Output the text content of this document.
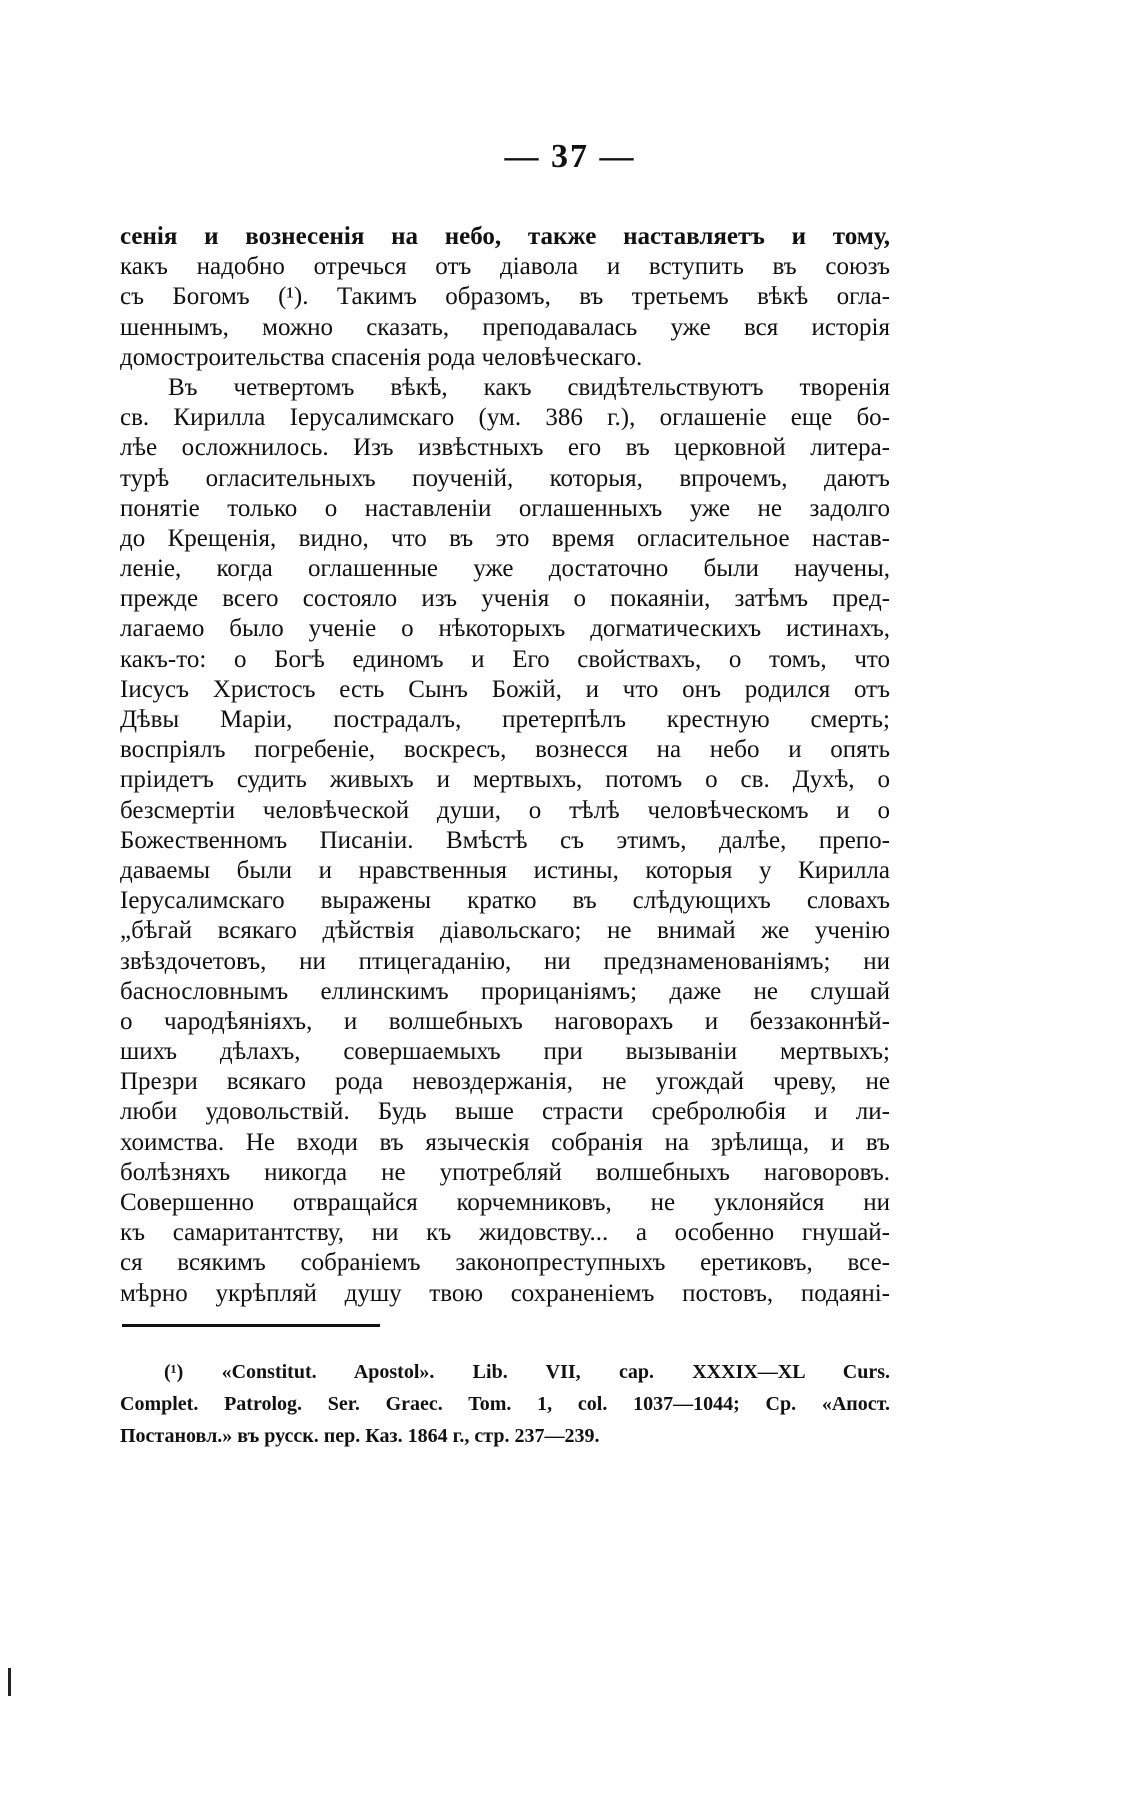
— 37 —
сенія и вознесенія на небо, также наставляетъ и тому,
какъ надобно отречься отъ діавола и вступить въ союзъ
съ Богомъ (¹). Такимъ образомъ, въ третьемъ вѣкѣ огла-
шеннымъ, можно сказать, преподавалась уже вся исторія
домостроительства спасенія рода человѣческаго.
Въ четвертомъ вѣкѣ, какъ свидѣтельствуютъ творенія
св. Кирилла Іерусалимскаго (ум. 386 г.), оглашеніе еще бо-
лѣе осложнилось. Изъ извѣстныхъ его въ церковной литера-
турѣ огласительныхъ поученій, которыя, впрочемъ, даютъ
понятіе только о наставленіи оглашенныхъ уже не задолго
до Крещенія, видно, что въ это время огласительное настав-
леніе, когда оглашенные уже достаточно были научены,
прежде всего состояло изъ ученія о покаяніи, затѣмъ пред-
лагаемо было ученіе о нѣкоторыхъ догматическихъ истинахъ,
какъ-то: о Богѣ единомъ и Его свойствахъ, о томъ, что
Іисусъ Христосъ есть Сынъ Божій, и что онъ родился отъ
Дѣвы Маріи, пострадалъ, претерпѣлъ крестную смерть;
воспріялъ погребеніе, воскресъ, вознесся на небо и опять
пріидетъ судить живыхъ и мертвыхъ, потомъ о св. Духѣ, о
безсмертіи человѣческой души, о тѣлѣ человѣческомъ и о
Божественномъ Писаніи. Вмѣстѣ съ этимъ, далѣе, препо-
даваемы были и нравственныя истины, которыя у Кирилла
Іерусалимскаго выражены кратко въ слѣдующихъ словахъ
„бѣгай всякаго дѣйствія діавольскаго; не внимай же ученію
звѣздочетовъ, ни птицегаданію, ни предзнаменованіямъ; ни
баснословнымъ еллинскимъ прорицаніямъ; даже не слушай
о чародѣяніяхъ, и волшебныхъ наговорахъ и беззаконнѣй-
шихъ дѣлахъ, совершаемыхъ при вызываніи мертвыхъ;
Презри всякаго рода невоздержанія, не угождай чреву, не
люби удовольствій. Будь выше страсти сребролюбія и ли-
хоимства. Не входи въ языческія собранія на зрѣлища, и въ
болѣзняхъ никогда не употребляй волшебныхъ наговоровъ.
Совершенно отвращайся корчемниковъ, не уклоняйся ни
къ самаритантству, ни къ жидовству... а особенно гнушай-
ся всякимъ собраніемъ законопреступныхъ еретиковъ, все-
мѣрно укрѣпляй душу твою сохраненіемъ постовъ, подаяні-
(¹) «Constitut. Apostol». Lib. VII, cap. XXXIX—XL Curs.
Complet. Patrolog. Ser. Graec. Tom. 1, col. 1037—1044; Ср. «Апост.
Постановл.» въ русск. пер. Каз. 1864 г., стр. 237—239.
